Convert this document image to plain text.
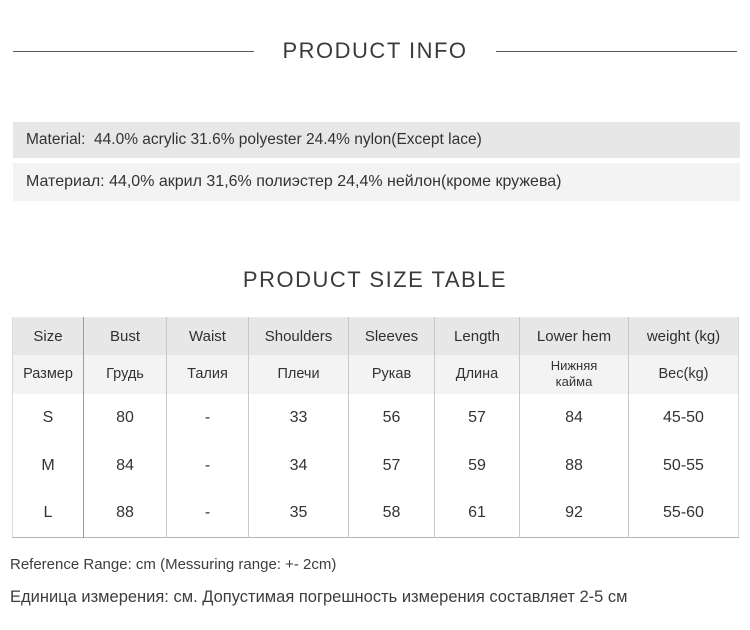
PRODUCT INFO
Material:  44.0% acrylic 31.6% polyester 24.4% nylon(Except lace)
Материал: 44,0% акрил 31,6% полиэстер 24,4% нейлон(кроме кружева)
PRODUCT SIZE TABLE
Size	Bust	Waist	Shoulders	Sleeves	Length	Lower hem	weight (kg)
Размер	Грудь	Талия	Плечи	Рукав	Длина	Нижняя кайма	Вес(kg)
S	80	-	33	56	57	84	45-50
M	84	-	34	57	59	88	50-55
L	88	-	35	58	61	92	55-60

Reference Range: cm (Messuring range: +- 2cm)

Единица измерения: см. Допустимая погрешность измерения составляет 2-5 см
